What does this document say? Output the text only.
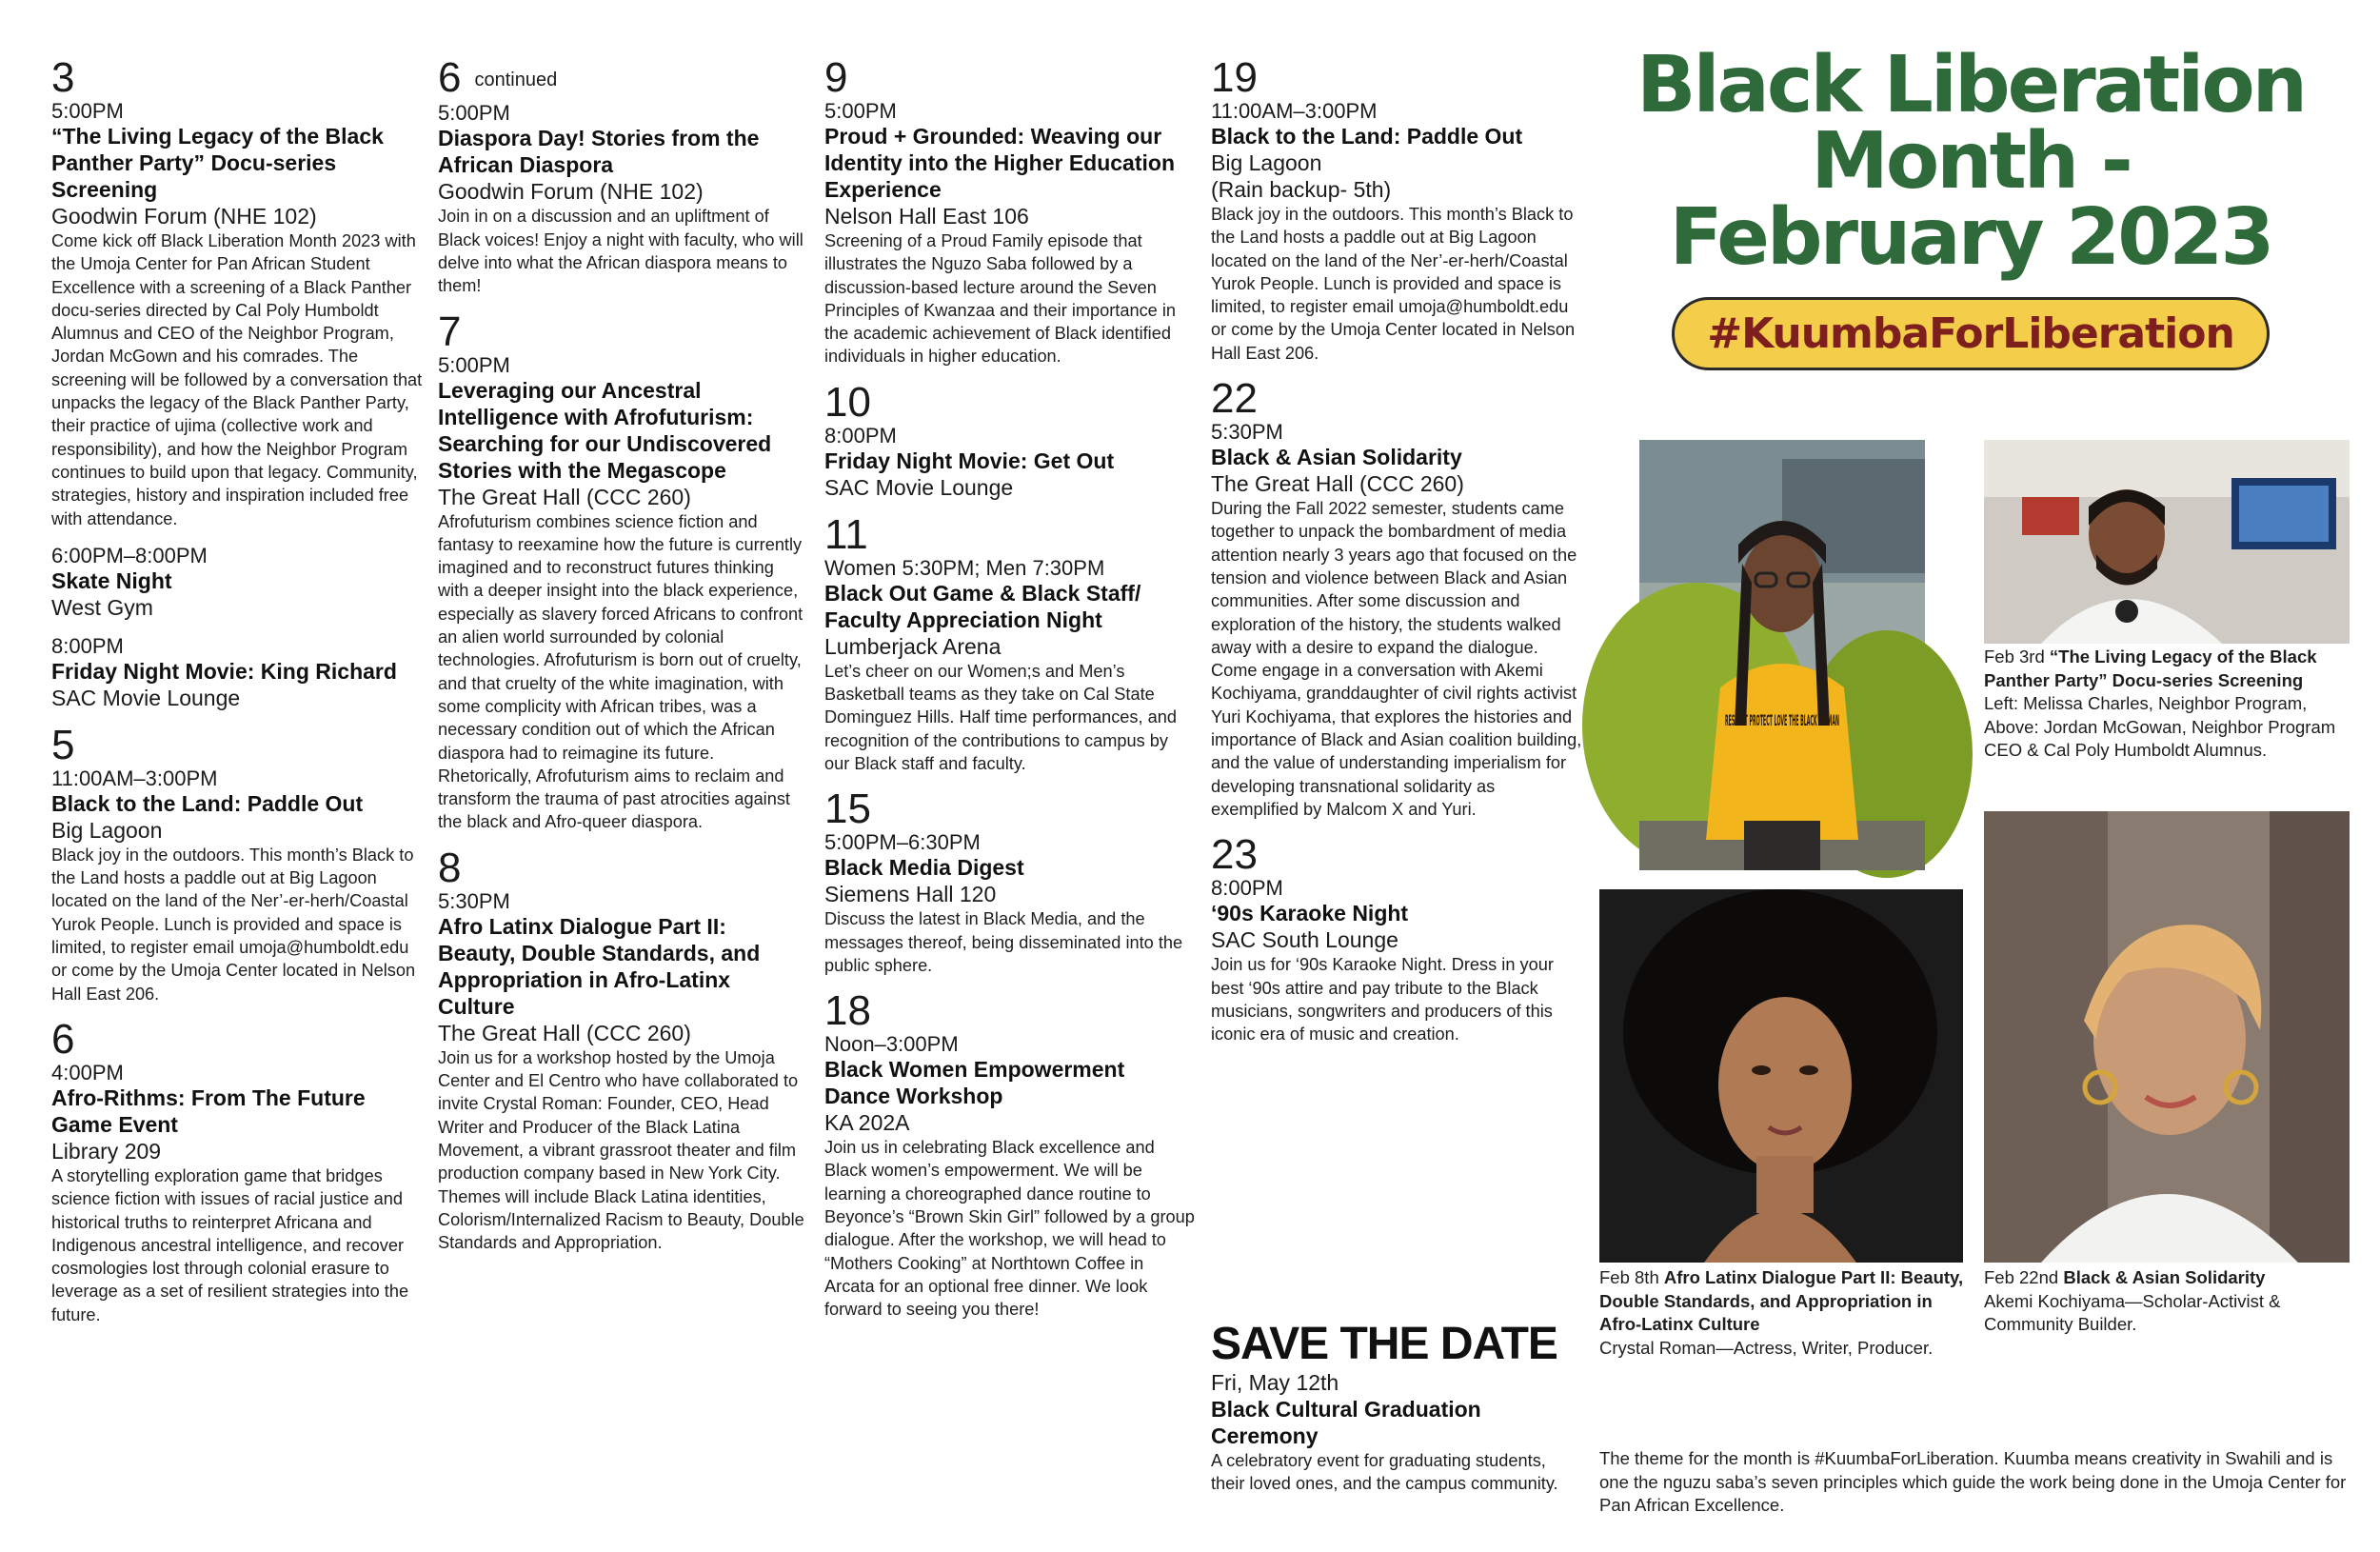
3
5:00PM
“The Living Legacy of the Black Panther Party” Docu-series Screening
Goodwin Forum (NHE 102)
Come kick off Black Liberation Month 2023 with the Umoja Center for Pan African Student Excellence with a screening of a Black Panther docu-series directed by Cal Poly Humboldt Alumnus and CEO of the Neighbor Program, Jordan McGown and his comrades. The screening will be followed by a conversation that unpacks the legacy of the Black Panther Party, their practice of ujima (collective work and responsibility), and how the Neighbor Program continues to build upon that legacy. Community, strategies, history and inspiration included free with attendance.
6:00PM–8:00PM
Skate Night
West Gym
8:00PM
Friday Night Movie: King Richard
SAC Movie Lounge
5
11:00AM–3:00PM
Black to the Land: Paddle Out
Big Lagoon
Black joy in the outdoors. This month’s Black to the Land hosts a paddle out at Big Lagoon located on the land of the Ner’-er-herh/Coastal Yurok People. Lunch is provided and space is limited, to register email umoja@humboldt.edu or come by the Umoja Center located in Nelson Hall East 206.
6
4:00PM
Afro-Rithms: From The Future Game Event
Library 209
A storytelling exploration game that bridges science fiction with issues of racial justice and historical truths to reinterpret Africana and Indigenous ancestral intelligence, and recover cosmologies lost through colonial erasure to leverage as a set of resilient strategies into the future.
6 continued
5:00PM
Diaspora Day! Stories from the African Diaspora
Goodwin Forum (NHE 102)
Join in on a discussion and an upliftment of Black voices! Enjoy a night with faculty, who will delve into what the African diaspora means to them!
7
5:00PM
Leveraging our Ancestral Intelligence with Afrofuturism: Searching for our Undiscovered Stories with the Megascope
The Great Hall (CCC 260)
Afrofuturism combines science fiction and fantasy to reexamine how the future is currently imagined and to reconstruct futures thinking with a deeper insight into the black experience, especially as slavery forced Africans to confront an alien world surrounded by colonial technologies. Afrofuturism is born out of cruelty, and that cruelty of the white imagination, with some complicity with African tribes, was a necessary condition out of which the African diaspora had to reimagine its future. Rhetorically, Afrofuturism aims to reclaim and transform the trauma of past atrocities against the black and Afro-queer diaspora.
8
5:30PM
Afro Latinx Dialogue Part II: Beauty, Double Standards, and Appropriation in Afro-Latinx Culture
The Great Hall (CCC 260)
Join us for a workshop hosted by the Umoja Center and El Centro who have collaborated to invite Crystal Roman: Founder, CEO, Head Writer and Producer of the Black Latina Movement, a vibrant grassroot theater and film production company based in New York City. Themes will include Black Latina identities, Colorism/Internalized Racism to Beauty, Double Standards and Appropriation.
9
5:00PM
Proud + Grounded: Weaving our Identity into the Higher Education Experience
Nelson Hall East 106
Screening of a Proud Family episode that illustrates the Nguzo Saba followed by a discussion-based lecture around the Seven Principles of Kwanzaa and their importance in the academic achievement of Black identified individuals in higher education.
10
8:00PM
Friday Night Movie: Get Out
SAC Movie Lounge
11
Women 5:30PM; Men 7:30PM
Black Out Game & Black Staff/ Faculty Appreciation Night
Lumberjack Arena
Let’s cheer on our Women;s and Men’s Basketball teams as they take on Cal State Dominguez Hills. Half time performances, and recognition of the contributions to campus by our Black staff and faculty.
15
5:00PM–6:30PM
Black Media Digest
Siemens Hall 120
Discuss the latest in Black Media, and the messages thereof, being disseminated into the public sphere.
18
Noon–3:00PM
Black Women Empowerment Dance Workshop
KA 202A
Join us in celebrating Black excellence and Black women’s empowerment. We will be learning a choreographed dance routine to Beyonce’s “Brown Skin Girl” followed by a group dialogue. After the workshop, we will head to “Mothers Cooking” at Northtown Coffee in Arcata for an optional free dinner. We look forward to seeing you there!
19
11:00AM–3:00PM
Black to the Land: Paddle Out
Big Lagoon
(Rain backup- 5th)
Black joy in the outdoors. This month’s Black to the Land hosts a paddle out at Big Lagoon located on the land of the Ner’-er-herh/Coastal Yurok People. Lunch is provided and space is limited, to register email umoja@humboldt.edu or come by the Umoja Center located in Nelson Hall East 206.
22
5:30PM
Black & Asian Solidarity
The Great Hall (CCC 260)
During the Fall 2022 semester, students came together to unpack the bombardment of media attention nearly 3 years ago that focused on the tension and violence between Black and Asian communities. After some discussion and exploration of the history, the students walked away with a desire to expand the dialogue. Come engage in a conversation with Akemi Kochiyama, granddaughter of civil rights activist Yuri Kochiyama, that explores the histories and importance of Black and Asian coalition building, and the value of understanding imperialism for developing transnational solidarity as exemplified by Malcom X and Yuri.
23
8:00PM
‘90s Karaoke Night
SAC South Lounge
Join us for ‘90s Karaoke Night. Dress in your best ‘90s attire and pay tribute to the Black musicians, songwriters and producers of this iconic era of music and creation.
SAVE THE DATE
Fri, May 12th
Black Cultural Graduation Ceremony
A celebratory event for graduating students, their loved ones, and the campus community.
Black Liberation
Month -
February 2023
#KuumbaForLiberation
RESPECT PROTECT LOVE THE BLACK WOMAN
Feb 3rd “The Living Legacy of the Black Panther Party” Docu-series Screening
Left: Melissa Charles, Neighbor Program, Above: Jordan McGowan, Neighbor Program CEO & Cal Poly Humboldt Alumnus.
Feb 8th Afro Latinx Dialogue Part II: Beauty, Double Standards, and Appropriation in Afro-Latinx Culture
Crystal Roman—Actress, Writer, Producer.
Feb 22nd Black & Asian Solidarity
Akemi Kochiyama—Scholar-Activist & Community Builder.
The theme for the month is #KuumbaForLiberation. Kuumba means creativity in Swahili and is one the nguzu saba’s seven principles which guide the work being done in the Umoja Center for Pan African Excellence.
